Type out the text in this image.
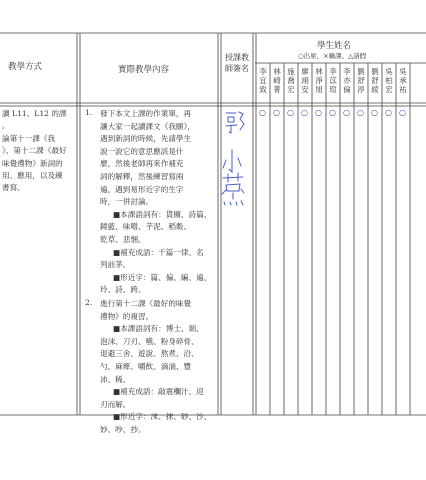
教學方式	實際教學內容
授課教
師簽名
學生姓名
○出席、×曠課、△請假
李宜致
林崎菁
施喬宏
廖翊安
林淨旭
李苡瑄
李亦倫
劉舒渟
劉舒綾
吳柏宏
吳承祐
○ ○ ○ ○ ○ ○ ○ ○ ○ ○ ○
讀 L11、L12 的課
。
論第十一課《我
》、第十二課《最好
味覺禮物》新詞的
用、應用，以及練
書寫。
1. 發下本文上課的作業單，再
讓大家一起讀課文《我願》，
遇到新詞的時候，先請學生
說一說它的意思應該是什
麼，然後老師再來作補充
詞的解釋，然後練習寫兩
遍，遇到易形近字的生字
時，一併討論。
■本課語詞有：貨櫥、詩篇、
鏡藍、味噌、芋泥、稻穀、
乾草、悲悃。
■補充成語：千篇一律、名
列前茅。
■形近字：篇、偏、編、遍、
玲、詩、跨。
2. 進行第十二課《最好的味覺
禮物》的複習。
■本課語詞有：博士、剝、
泡沫、刀刃、嚥、粉身碎骨、
退避三舍、遊說、熬煮、沿、
勺、麻痺、嚼飲、滴淌、豐
沛、稀。
■補充成語：敲震欄汁、迎
刃而解。
■形近字：沫、抹、砂、沙、
妙、吵、抄。
